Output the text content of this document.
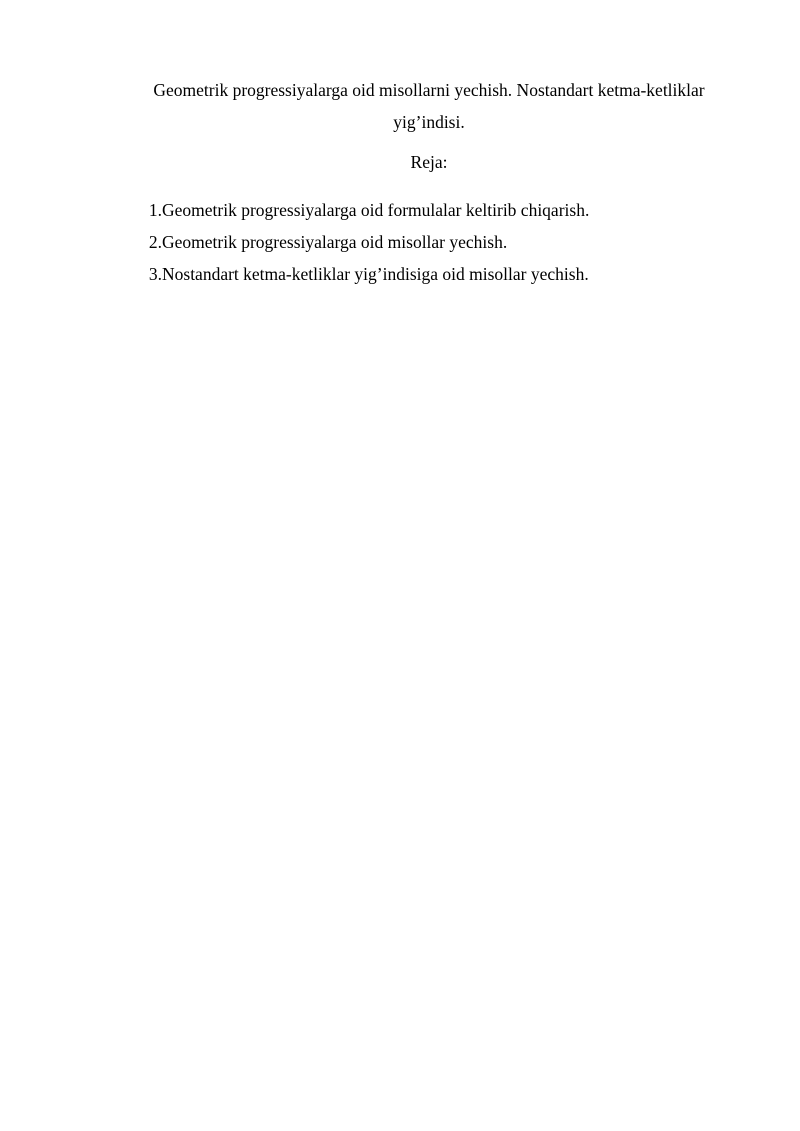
Geometrik progressiyalarga oid misollarni yechish. Nostandart ketma-ketliklar yig’indisi.

Reja:

1. Geometrik progressiyalarga oid formulalar keltirib chiqarish.
2. Geometrik progressiyalarga oid misollar yechish.
3. Nostandart ketma-ketliklar yig’indisiga oid misollar yechish.
